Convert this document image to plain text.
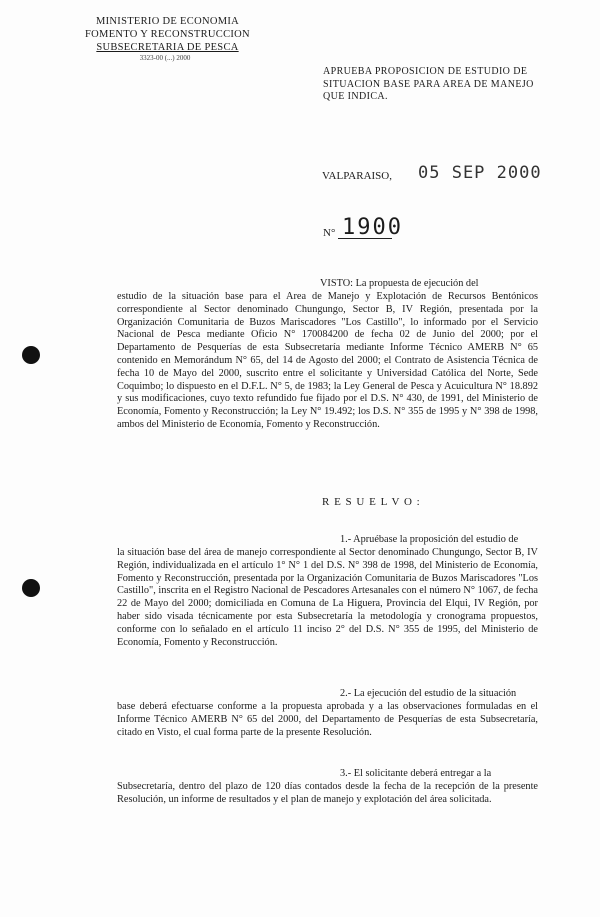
MINISTERIO DE ECONOMIA
FOMENTO Y RECONSTRUCCION
SUBSECRETARIA DE PESCA
3323-00 (...) 2000
APRUEBA PROPOSICION DE ESTUDIO DE SITUACION BASE PARA AREA DE MANEJO QUE INDICA.
VALPARAISO, 05 SEP 2000
N° 1900
VISTO: La propuesta de ejecución del
estudio de la situación base para el Area de Manejo y Explotación de Recursos Bentónicos correspondiente al Sector denominado Chungungo, Sector B, IV Región, presentada por la Organización Comunitaria de Buzos Mariscadores "Los Castillo", lo informado por el Servicio Nacional de Pesca mediante Oficio N° 170084200 de fecha 02 de Junio del 2000; por el Departamento de Pesquerías de esta Subsecretaría mediante Informe Técnico AMERB N° 65 contenido en Memorándum N° 65, del 14 de Agosto del 2000; el Contrato de Asistencia Técnica de fecha 10 de Mayo del 2000, suscrito entre el solicitante y Universidad Católica del Norte, Sede Coquimbo; lo dispuesto en el D.F.L. N° 5, de 1983; la Ley General de Pesca y Acuicultura N° 18.892 y sus modificaciones, cuyo texto refundido fue fijado por el D.S. N° 430, de 1991, del Ministerio de Economía, Fomento y Reconstrucción; la Ley N° 19.492; los D.S. N° 355 de 1995 y N° 398 de 1998, ambos del Ministerio de Economía, Fomento y Reconstrucción.
R E S U E L V O :
1.- Apruébase la proposición del estudio de
la situación base del área de manejo correspondiente al Sector denominado Chungungo, Sector B, IV Región, individualizada en el artículo 1° N° 1 del D.S. N° 398 de 1998, del Ministerio de Economía, Fomento y Reconstrucción, presentada por la Organización Comunitaria de Buzos Mariscadores "Los Castillo", inscrita en el Registro Nacional de Pescadores Artesanales con el número N° 1067, de fecha 22 de Mayo del 2000; domiciliada en Comuna de La Higuera, Provincia del Elqui, IV Región, por haber sido visada técnicamente por esta Subsecretaría la metodología y cronograma propuestos, conforme con lo señalado en el artículo 11 inciso 2° del D.S. N° 355 de 1995, del Ministerio de Economía, Fomento y Reconstrucción.
2.- La ejecución del estudio de la situación
base deberá efectuarse conforme a la propuesta aprobada y a las observaciones formuladas en el Informe Técnico AMERB N° 65 del 2000, del Departamento de Pesquerías de esta Subsecretaría, citado en Visto, el cual forma parte de la presente Resolución.
3.- El solicitante deberá entregar a la
Subsecretaría, dentro del plazo de 120 días contados desde la fecha de la recepción de la presente Resolución, un informe de resultados y el plan de manejo y explotación del área solicitada.
